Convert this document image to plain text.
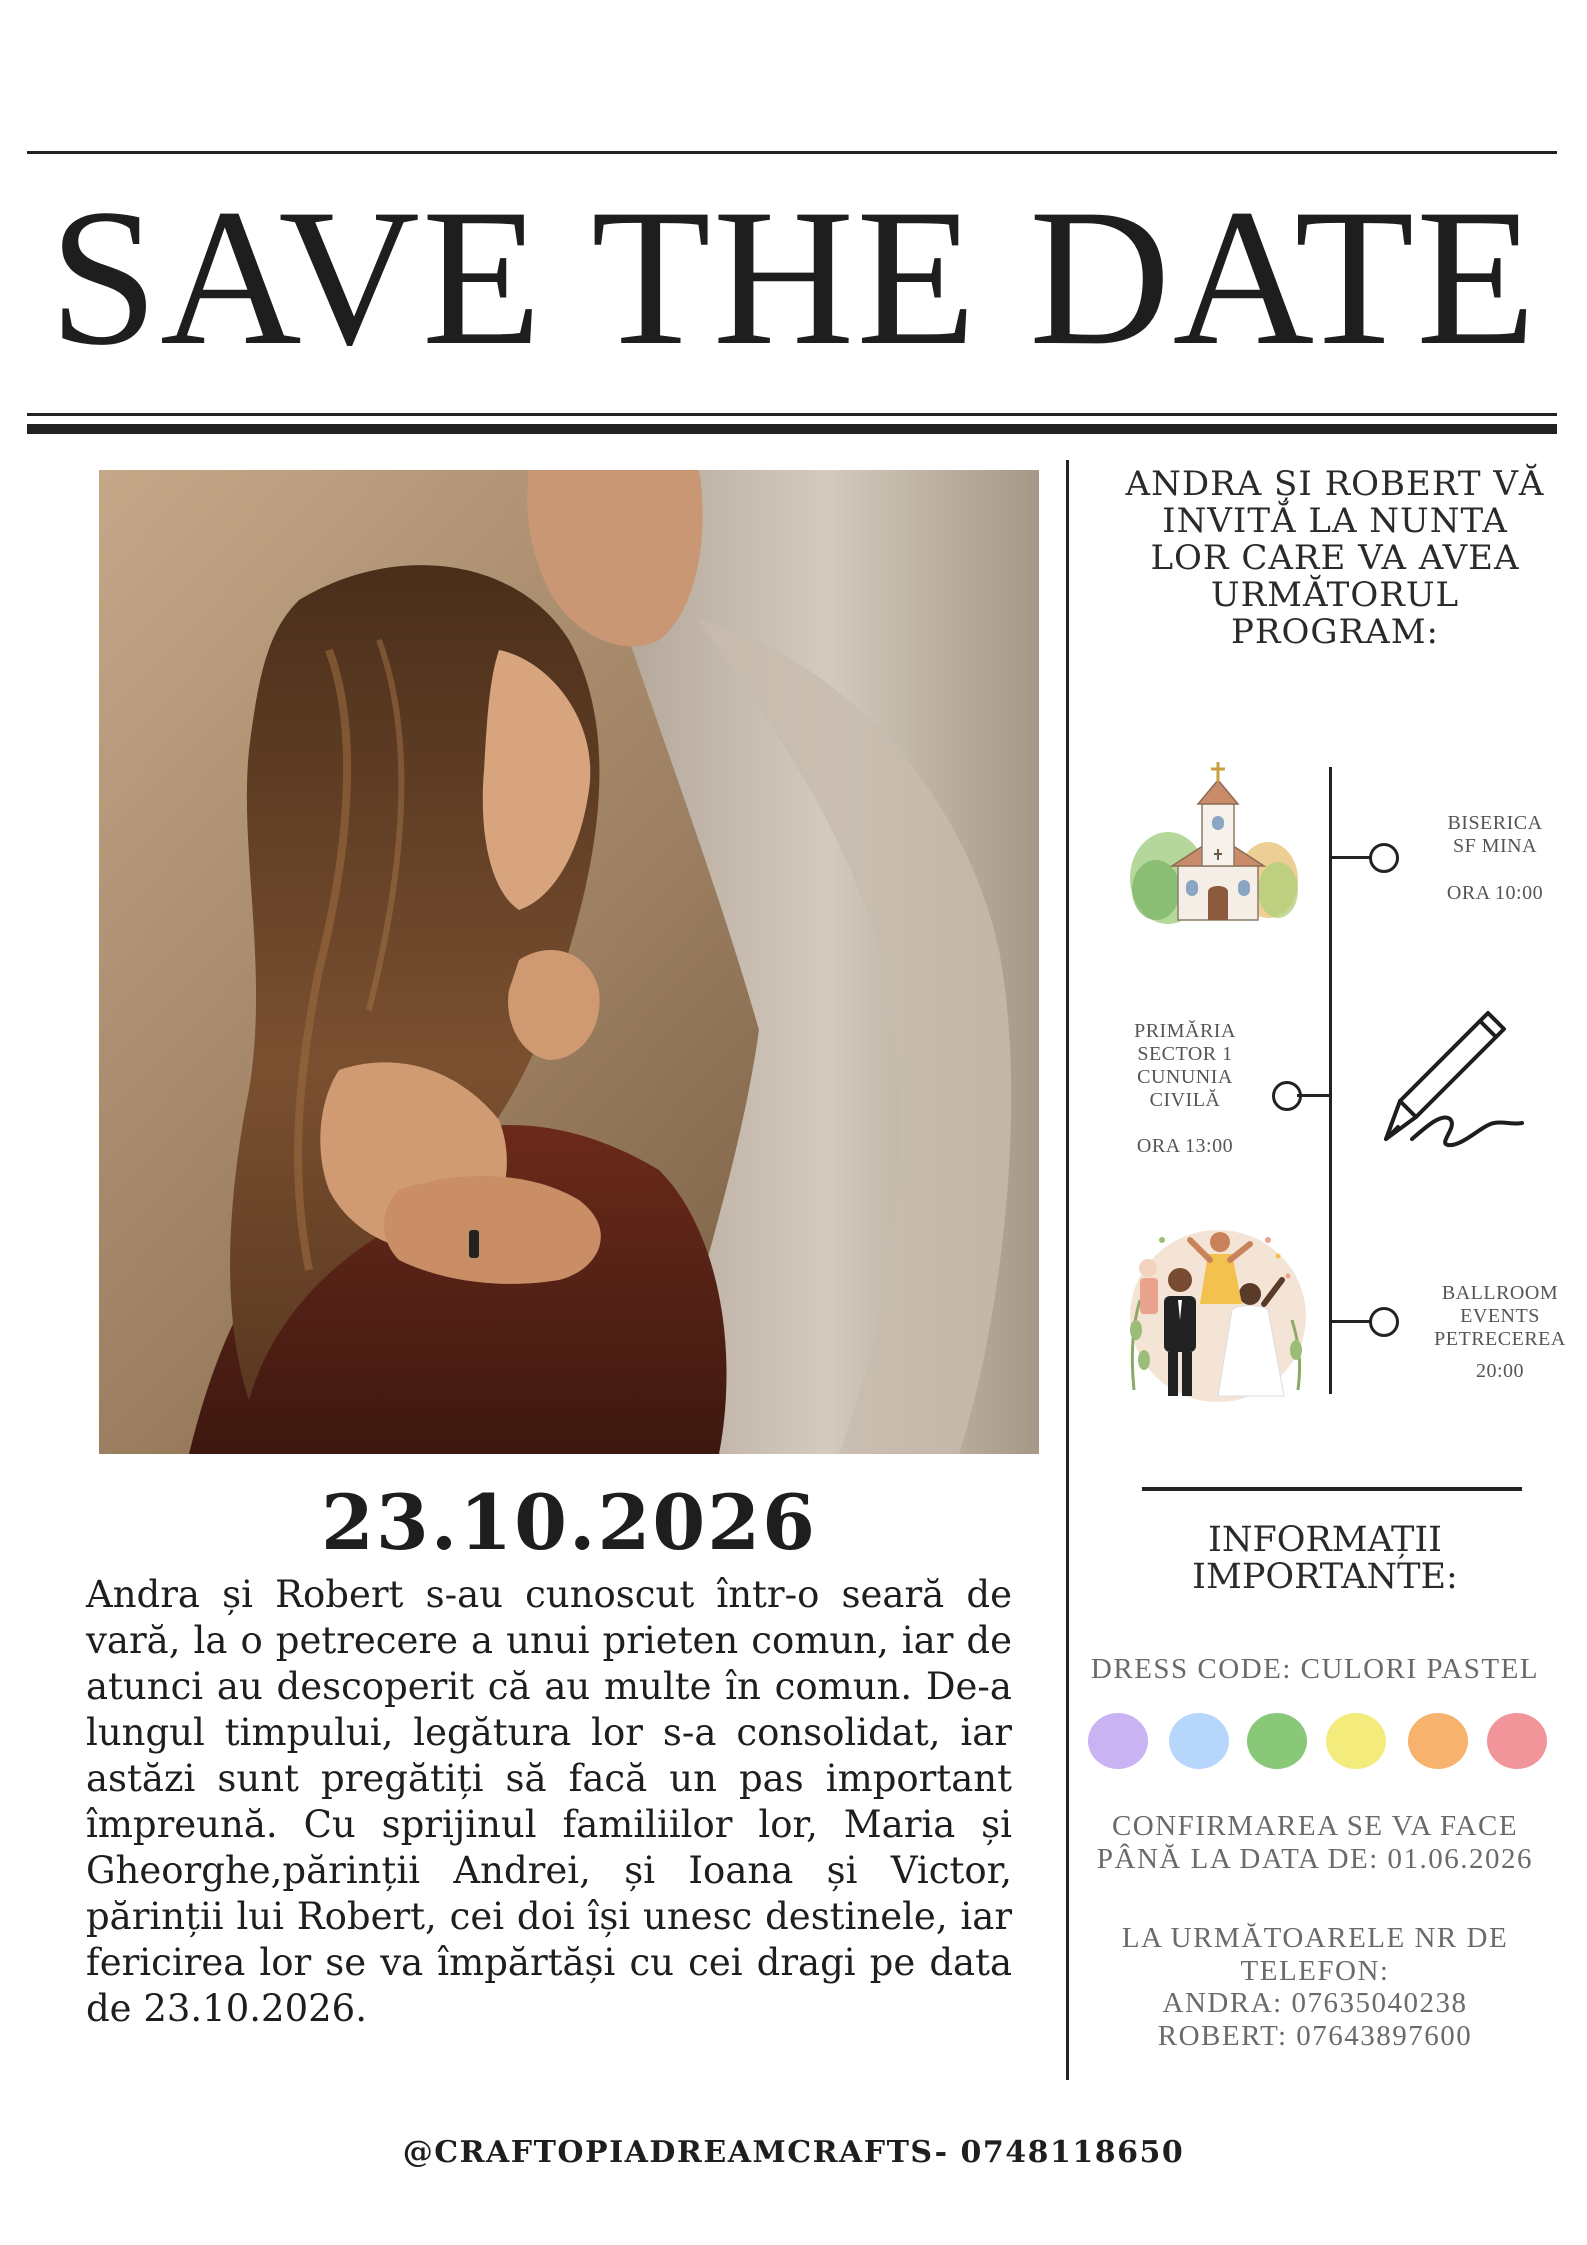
SAVE THE DATE
23.10.2026

Andra și Robert s-au cunoscut într-o seară de vară, la o petrecere a unui prieten comun, iar de atunci au descoperit că au multe în comun. De-a lungul timpului, legătura lor s-a consolidat, iar astăzi sunt pregătiți să facă un pas important împreună. Cu sprijinul familiilor lor, Maria și Gheorghe,părinții Andrei, și Ioana și Victor, părinții lui Robert, cei doi își unesc destinele, iar fericirea lor se va împărtăși cu cei dragi pe data de 23.10.2026.

ANDRA ȘI ROBERT VĂ INVITĂ LA NUNTA LOR CARE VA AVEA URMĂTORUL PROGRAM:
BISERICA
SF MINA
ORA 10:00
PRIMĂRIA
SECTOR 1
CUNUNIA
CIVILĂ
ORA 13:00
BALLROOM
EVENTS
PETRECEREA
20:00
INFORMAȚII IMPORTANTE:
DRESS CODE: CULORI PASTEL
CONFIRMAREA SE VA FACE PÂNĂ LA DATA DE: 01.06.2026
LA URMĂTOARELE NR DE TELEFON:
ANDRA: 07635040238
ROBERT: 07643897600
@CRAFTOPIADREAMCRAFTS- 0748118650
